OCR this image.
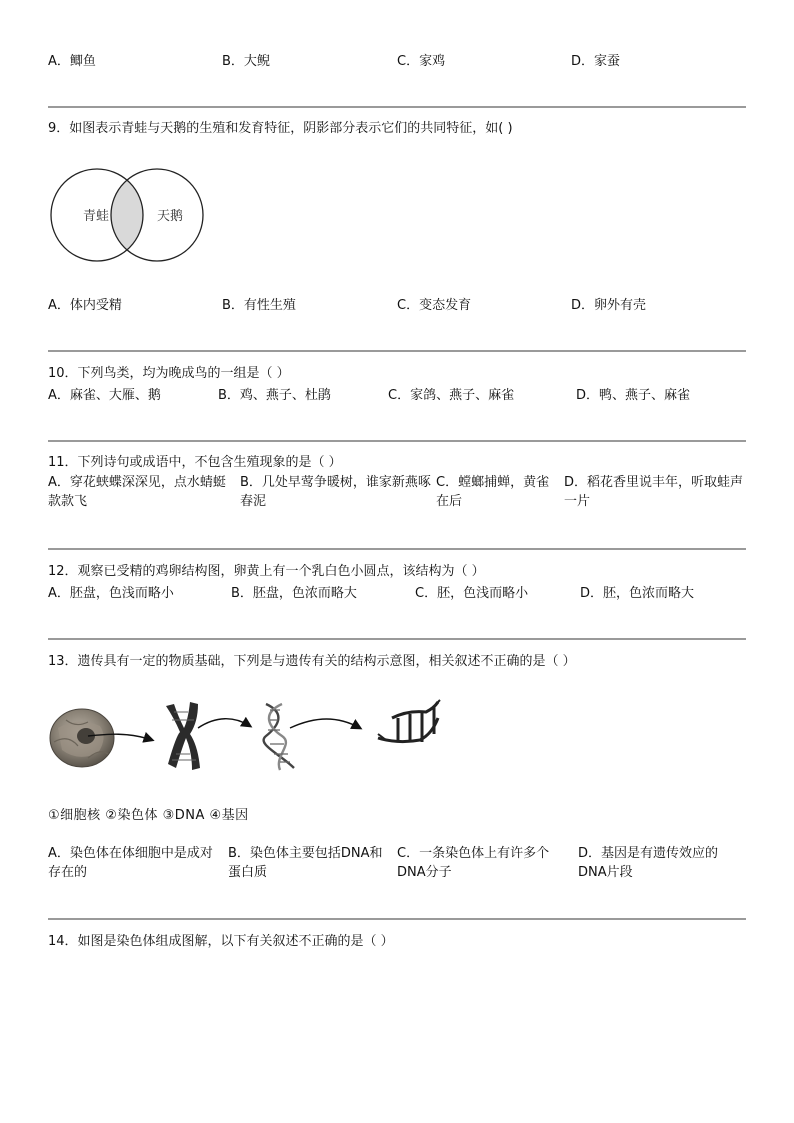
A．鲫鱼	B．大鲵	C．家鸡	D．家蚕
9．如图表示青蛙与天鹅的生殖和发育特征，阴影部分表示它们的共同特征，如( )
青蛙	天鹅
A．体内受精	B．有性生殖	C．变态发育	D．卵外有壳
10．下列鸟类，均为晚成鸟的一组是（ ）
A．麻雀、大雁、鹅	B．鸡、燕子、杜鹃	C．家鸽、燕子、麻雀	D．鸭、燕子、麻雀
11．下列诗句或成语中，不包含生殖现象的是（ ）
A．穿花蛱蝶深深见，点水蜻蜓款款飞
B．几处早莺争暖树，谁家新燕啄春泥
C．螳螂捕蝉，黄雀在后
D．稻花香里说丰年，听取蛙声一片
12．观察已受精的鸡卵结构图，卵黄上有一个乳白色小圆点，该结构为（ ）
A．胚盘，色浅而略小	B．胚盘，色浓而略大	C．胚，色浅而略小	D．胚，色浓而略大
13．遗传具有一定的物质基础，下列是与遗传有关的结构示意图，相关叙述不正确的是（ ）
①细胞核 ②染色体 ③DNA ④基因
A．染色体在体细胞中是成对存在的
B．染色体主要包括DNA和蛋白质
C．一条染色体上有许多个DNA分子
D．基因是有遗传效应的DNA片段
14．如图是染色体组成图解，以下有关叙述不正确的是（ ）
